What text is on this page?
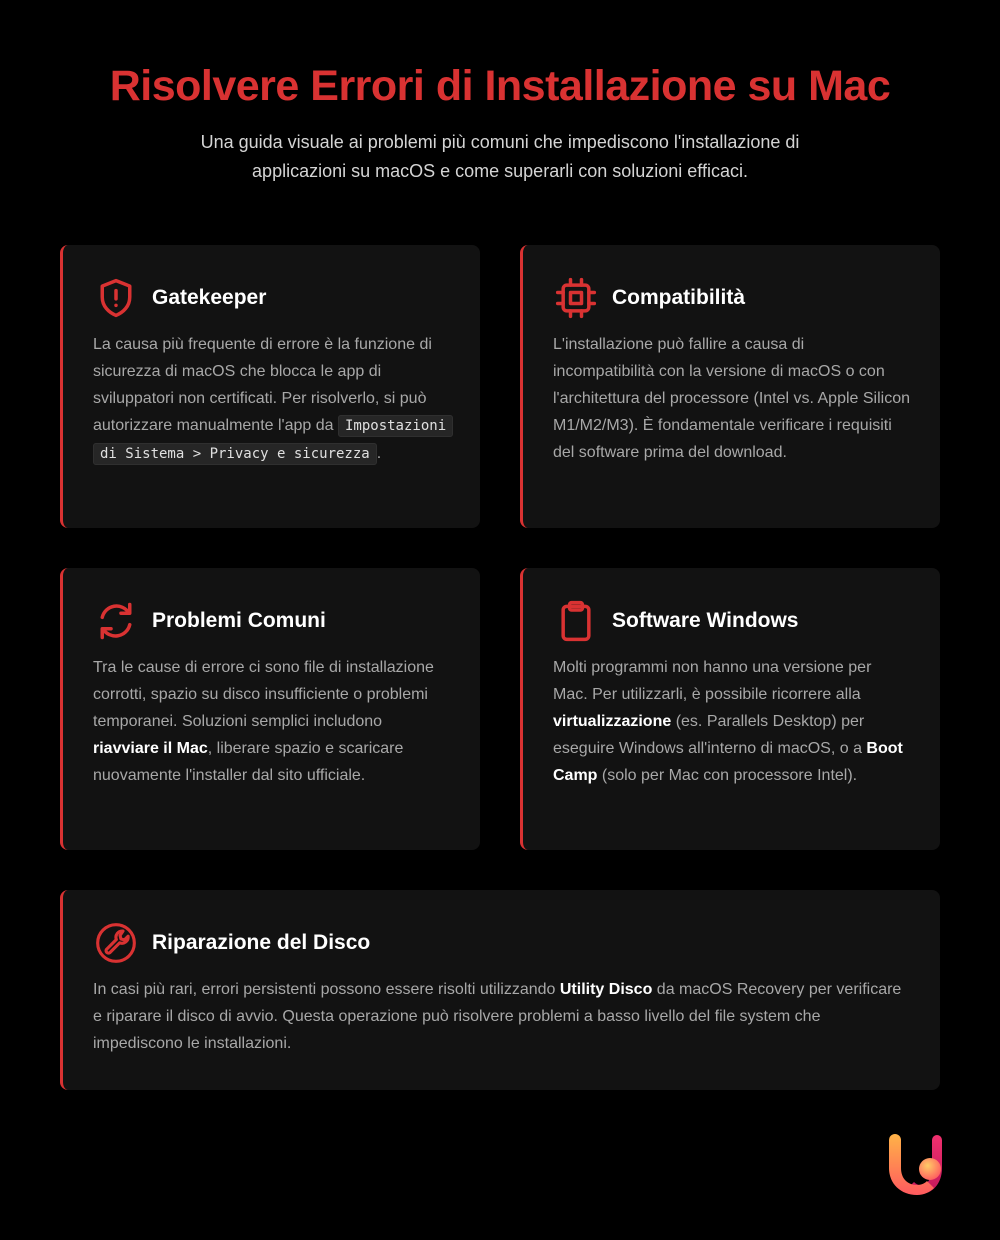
Risolvere Errori di Installazione su Mac

Una guida visuale ai problemi più comuni che impediscono l'installazione di applicazioni su macOS e come superarli con soluzioni efficaci.

Gatekeeper
La causa più frequente di errore è la funzione di sicurezza di macOS che blocca le app di sviluppatori non certificati. Per risolverlo, si può autorizzare manualmente l'app da Impostazioni di Sistema > Privacy e sicurezza .
Compatibilità
L'installazione può fallire a causa di incompatibilità con la versione di macOS o con l'architettura del processore (Intel vs. Apple Silicon M1/M2/M3). È fondamentale verificare i requisiti del software prima del download.
Problemi Comuni
Tra le cause di errore ci sono file di installazione corrotti, spazio su disco insufficiente o problemi temporanei. Soluzioni semplici includono riavviare il Mac, liberare spazio e scaricare nuovamente l'installer dal sito ufficiale.
Software Windows
Molti programmi non hanno una versione per Mac. Per utilizzarli, è possibile ricorrere alla virtualizzazione (es. Parallels Desktop) per eseguire Windows all'interno di macOS, o a Boot Camp (solo per Mac con processore Intel).
Riparazione del Disco
In casi più rari, errori persistenti possono essere risolti utilizzando Utility Disco da macOS Recovery per verificare e riparare il disco di avvio. Questa operazione può risolvere problemi a basso livello del file system che impediscono le installazioni.
